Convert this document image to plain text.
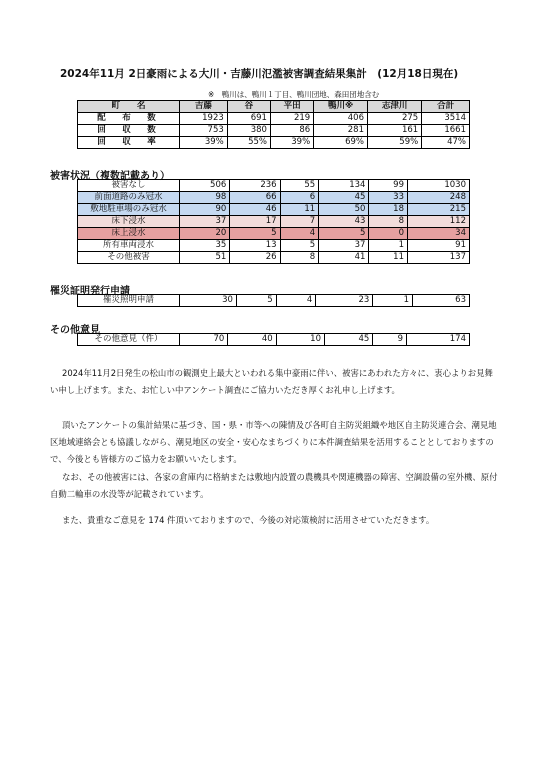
2024年11月 2日豪雨による大川・吉藤川氾濫被害調査結果集計　(12月18日現在)
※　鴨川は、鴨川１丁目、鴨川団地、森田団地含む
町　　名	吉藤	谷	平田	鴨川※	志津川	合計
配　布　数	1923	691	219	406	275	3514
回　収　数	753	380	86	281	161	1661
回　収　率	39%	55%	39%	69%	59%	47%
被害状況（複数記載あり）
被害なし	506	236	55	134	99	1030
前面道路のみ冠水	98	66	6	45	33	248
敷地駐車場のみ冠水	90	46	11	50	18	215
床下浸水	37	17	7	43	8	112
床上浸水	20	5	4	5	0	34
所有車両浸水	35	13	5	37	1	91
その他被害	51	26	8	41	11	137
罹災証明発行申請
罹災照明申請	30	5	4	23	1	63
その他意見
その他意見（件）	70	40	10	45	9	174
2024年11月2日発生の松山市の観測史上最大といわれる集中豪雨に伴い、被害にあわれた方々に、衷心よりお見舞い申し上げます。また、お忙しい中アンケート調査にご協力いただき厚くお礼申し上げます。
頂いたアンケートの集計結果に基づき、国・県・市等への陳情及び各町自主防災組織や地区自主防災連合会、潮見地区地域連絡会とも協議しながら、潮見地区の安全・安心なまちづくりに本件調査結果を活用することとしておりますので、今後とも皆様方のご協力をお願いいたします。
なお、その他被害には、各家の倉庫内に格納または敷地内設置の農機具や関連機器の障害、空調設備の室外機、原付自動二輪車の水没等が記載されています。
また、貴重なご意見を 174 件頂いておりますので、今後の対応策検討に活用させていただきます。
